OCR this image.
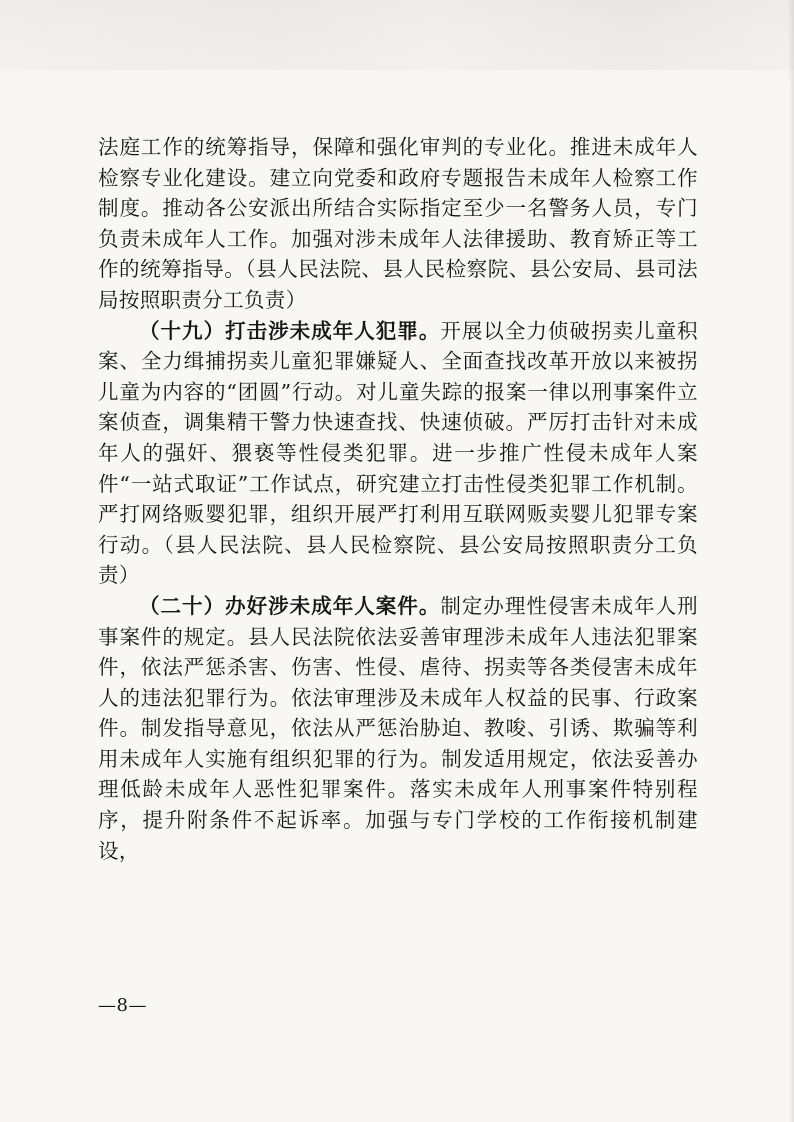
法庭工作的统筹指导，保障和强化审判的专业化。推进未成年人检察专业化建设。建立向党委和政府专题报告未成年人检察工作制度。推动各公安派出所结合实际指定至少一名警务人员，专门负责未成年人工作。加强对涉未成年人法律援助、教育矫正等工作的统筹指导。（县人民法院、县人民检察院、县公安局、县司法局按照职责分工负责）

（十九）打击涉未成年人犯罪。开展以全力侦破拐卖儿童积案、全力缉捕拐卖儿童犯罪嫌疑人、全面查找改革开放以来被拐儿童为内容的“团圆”行动。对儿童失踪的报案一律以刑事案件立案侦查，调集精干警力快速查找、快速侦破。严厉打击针对未成年人的强奸、猥亵等性侵类犯罪。进一步推广性侵未成年人案件“一站式取证”工作试点，研究建立打击性侵类犯罪工作机制。严打网络贩婴犯罪，组织开展严打利用互联网贩卖婴儿犯罪专案行动。（县人民法院、县人民检察院、县公安局按照职责分工负责）

（二十）办好涉未成年人案件。制定办理性侵害未成年人刑事案件的规定。县人民法院依法妥善审理涉未成年人违法犯罪案件，依法严惩杀害、伤害、性侵、虐待、拐卖等各类侵害未成年人的违法犯罪行为。依法审理涉及未成年人权益的民事、行政案件。制发指导意见，依法从严惩治胁迫、教唆、引诱、欺骗等利用未成年人实施有组织犯罪的行为。制发适用规定，依法妥善办理低龄未成年人恶性犯罪案件。落实未成年人刑事案件特别程序，提升附条件不起诉率。加强与专门学校的工作衔接机制建设，

—8—
